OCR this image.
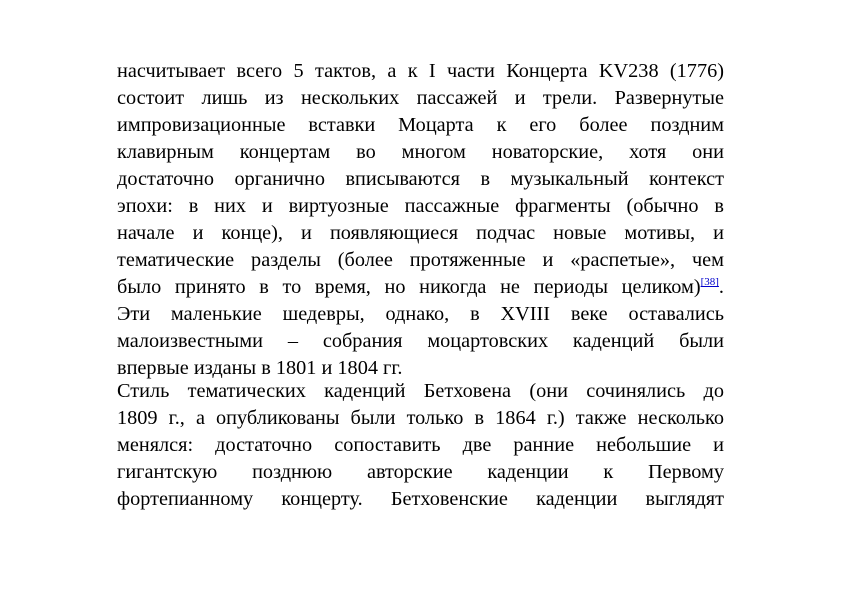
насчитывает всего 5 тактов, а к I части Концерта KV238 (1776)
состоит лишь из нескольких пассажей и трели. Развернутые
импровизационные вставки Моцарта к его более поздним
клавирным концертам во многом новаторские, хотя они
достаточно органично вписываются в музыкальный контекст
эпохи: в них и виртуозные пассажные фрагменты (обычно в
начале и конце), и появляющиеся подчас новые мотивы, и
тематические разделы (более протяженные и «распетые», чем
было принято в то время, но никогда не периоды целиком)[38].
Эти маленькие шедевры, однако, в XVIII веке оставались
малоизвестными – собрания моцартовских каденций были
впервые изданы в 1801 и 1804 гг.
Стиль тематических каденций Бетховена (они сочинялись до
1809 г., а опубликованы были только в 1864 г.) также несколько
менялся: достаточно сопоставить две ранние небольшие и
гигантскую позднюю авторские каденции к Первому
фортепианному концерту. Бетховенские каденции выглядят
